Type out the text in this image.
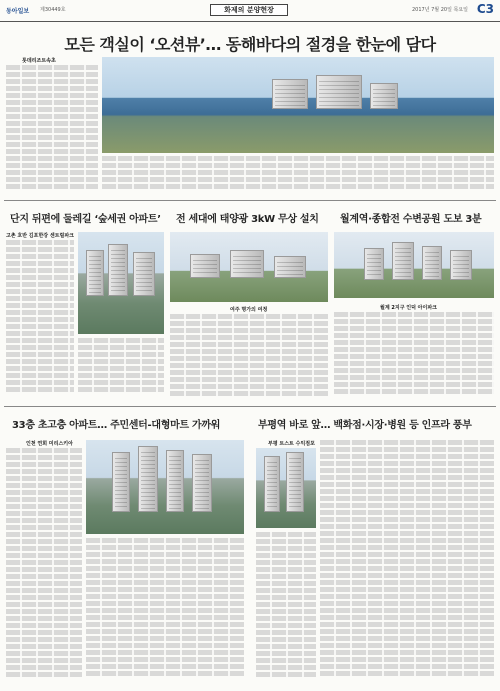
동아일보 제30449호	화제의 분양현장	2017년 7월 20일 목요일 C3
모든 객실이 ‘오션뷰’… 동해바다의 절경을 한눈에 담다
롯데리조트속초
단지 뒤편에 둘레길 ‘숲세권 아파트’ 전 세대에 태양광 3kW 무상 설치 월계역·종합전 수변공원 도보 3분
고촌 호반 김포한강 센트럴파크
여주 명가의 여정	월계 2지구 인덕 아이파크
33층 초고층 아파트… 주민센터-대형마트 가까워	부평역 바로 앞… 백화점·시장·병원 등 인프라 풍부
인천 연희 미리스키아	부평 트스트 수익점포
